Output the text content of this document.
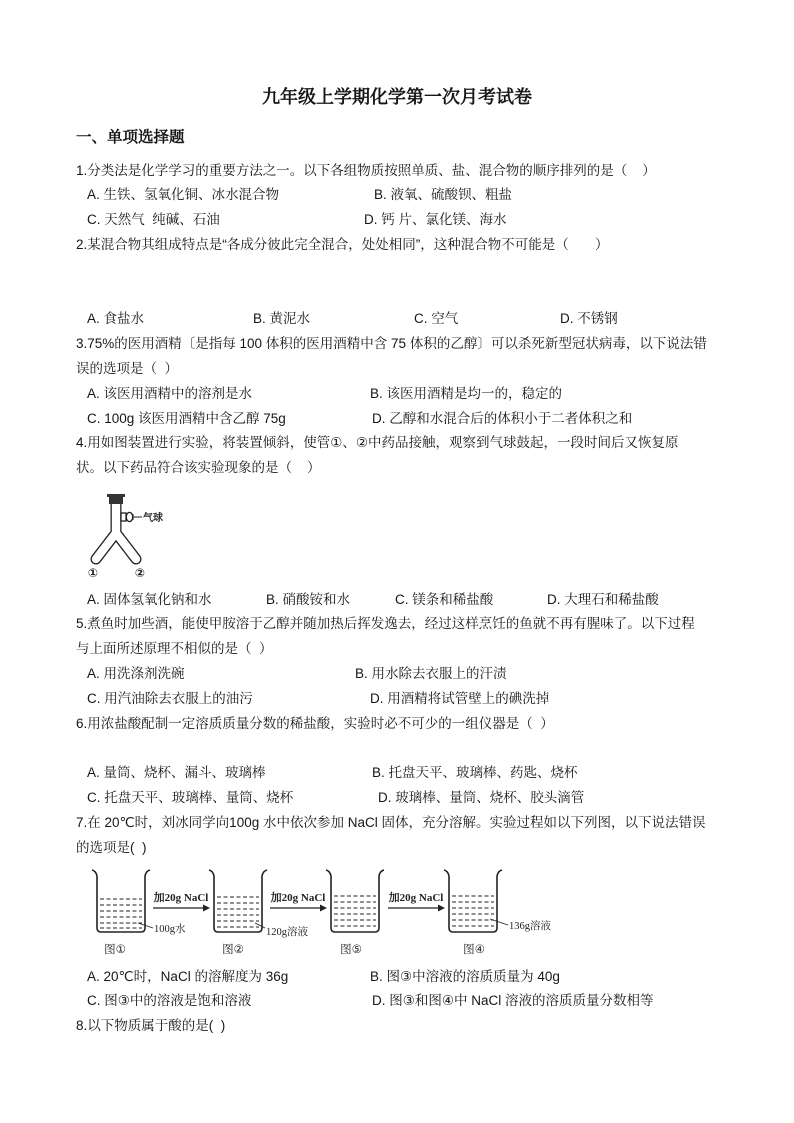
九年级上学期化学第一次月考试卷
一、单项选择题
1.分类法是化学学习的重要方法之一。以下各组物质按照单质、盐、混合物的顺序排列的是（    ）
A. 生铁、氢氧化铜、冰水混合物	B. 液氧、硫酸钡、粗盐
C. 天然气  纯碱、石油	D. 钙 片、氯化镁、海水
2.某混合物其组成特点是“各成分彼此完全混合，处处相同”，这种混合物不可能是（       ）
A. 食盐水	B. 黄泥水	C. 空气	D. 不锈钢
3.75%的医用酒精〔是指每 100 体积的医用酒精中含 75 体积的乙醇〕可以杀死新型冠状病毒，以下说法错
误的选项是（  ）
A. 该医用酒精中的溶剂是水	B. 该医用酒精是均一的，稳定的
C. 100g 该医用酒精中含乙醇 75g	D. 乙醇和水混合后的体积小于二者体积之和
4.用如图装置进行实验，将装置倾斜，使管①、②中药品接触，观察到气球鼓起，一段时间后又恢复原
状。以下药品符合该实验现象的是（    ）
气球
①	②
A. 固体氢氧化钠和水	B. 硝酸铵和水	C. 镁条和稀盐酸	D. 大理石和稀盐酸
5.煮鱼时加些酒，能使甲胺溶于乙醇并随加热后挥发逸去，经过这样烹饪的鱼就不再有腥味了。以下过程
与上面所述原理不相似的是（  ）
A. 用洗涤剂洗碗	B. 用水除去衣服上的汗渍
C. 用汽油除去衣服上的油污	D. 用酒精将试管壁上的碘洗掉
6.用浓盐酸配制一定溶质质量分数的稀盐酸，实验时必不可少的一组仪器是（  ）
A. 量筒、烧杯、漏斗、玻璃棒	B. 托盘天平、玻璃棒、药匙、烧杯
C. 托盘天平、玻璃棒、量筒、烧杯	D. 玻璃棒、量筒、烧杯、胶头滴管
7.在 20℃时，刘冰同学向100g 水中依次参加 NaCl 固体，充分溶解。实验过程如以下列图，以下说法错误
的选项是(  )
加20g NaCl	加20g NaCl	加20g NaCl
100g水	120g溶液
136g溶液
图①	图②	图⑤	图④
A. 20℃时，NaCl 的溶解度为 36g	B. 图③中溶液的溶质质量为 40g
C. 图③中的溶液是饱和溶液	D. 图③和图④中 NaCl 溶液的溶质质量分数相等
8.以下物质属于酸的是(  )
